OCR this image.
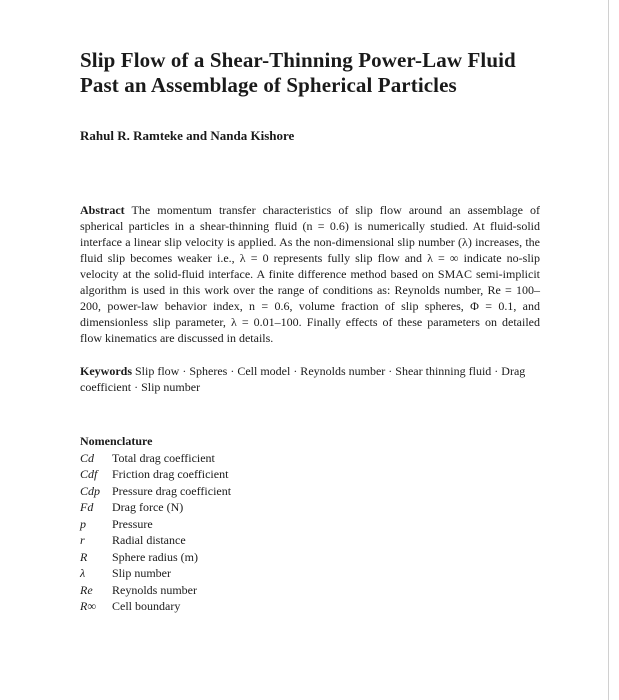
Slip Flow of a Shear-Thinning Power-Law Fluid Past an Assemblage of Spherical Particles
Rahul R. Ramteke and Nanda Kishore
Abstract The momentum transfer characteristics of slip flow around an assemblage of spherical particles in a shear-thinning fluid (n = 0.6) is numerically studied. At fluid-solid interface a linear slip velocity is applied. As the non-dimensional slip number (λ) increases, the fluid slip becomes weaker i.e., λ = 0 represents fully slip flow and λ = ∞ indicate no-slip velocity at the solid-fluid interface. A finite difference method based on SMAC semi-implicit algorithm is used in this work over the range of conditions as: Reynolds number, Re = 100–200, power-law behavior index, n = 0.6, volume fraction of slip spheres, Φ = 0.1, and dimensionless slip parameter, λ = 0.01–100. Finally effects of these parameters on detailed flow kinematics are discussed in details.
Keywords Slip flow · Spheres · Cell model · Reynolds number · Shear thinning fluid · Drag coefficient · Slip number
Nomenclature
Cd	Total drag coefficient
Cdf	Friction drag coefficient
Cdp Pressure drag coefficient
Fd	Drag force (N)
p	Pressure
r	Radial distance
R	Sphere radius (m)
λ	Slip number
Re	Reynolds number
R∞	Cell boundary
